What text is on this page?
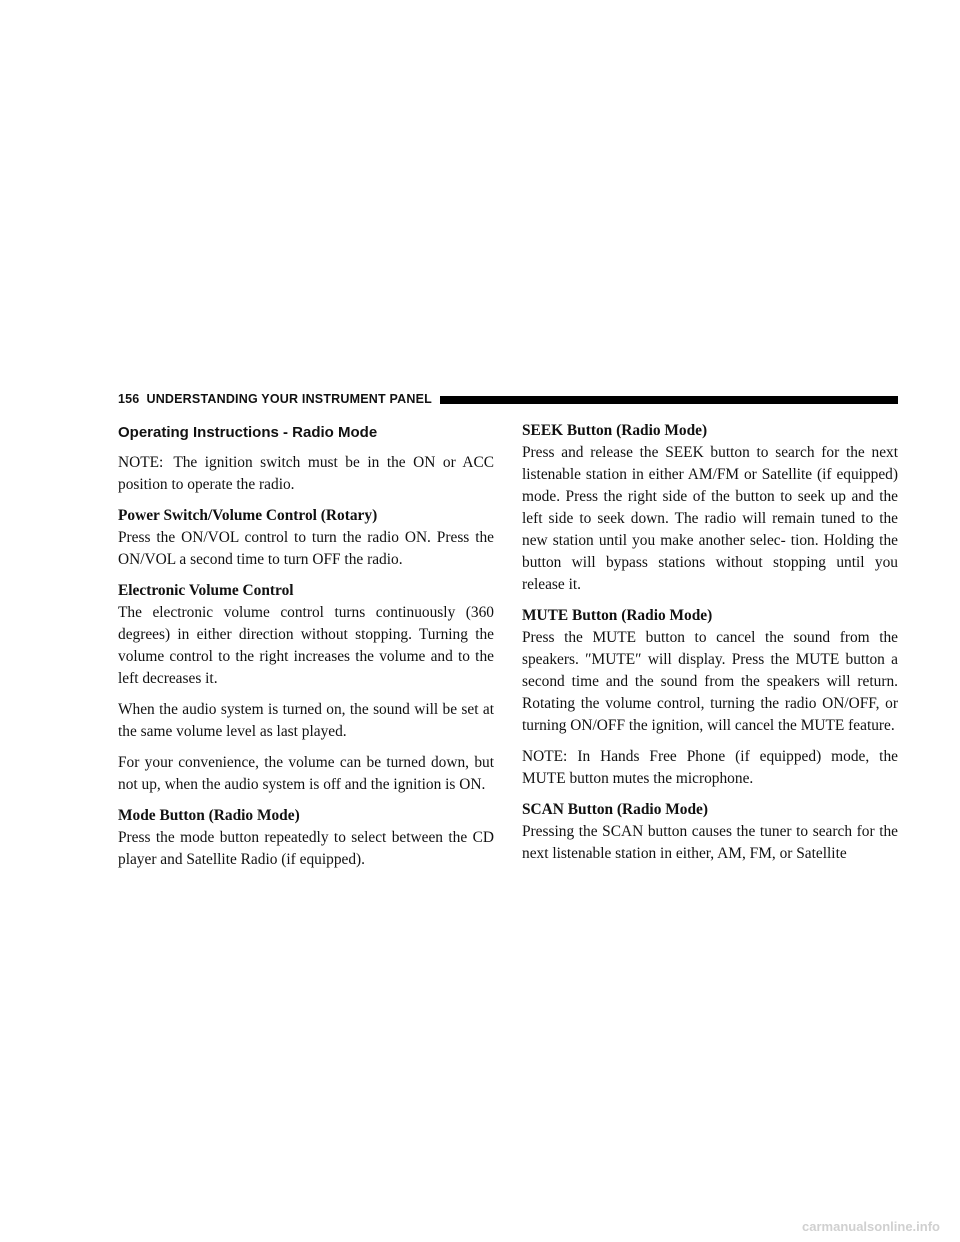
156 UNDERSTANDING YOUR INSTRUMENT PANEL
Operating Instructions - Radio Mode

NOTE: The ignition switch must be in the ON or ACC position to operate the radio.

Power Switch/Volume Control (Rotary)

Press the ON/VOL control to turn the radio ON. Press the ON/VOL a second time to turn OFF the radio.

Electronic Volume Control

The electronic volume control turns continuously (360 degrees) in either direction without stopping. Turning the volume control to the right increases the volume and to the left decreases it.

When the audio system is turned on, the sound will be set at the same volume level as last played.

For your convenience, the volume can be turned down, but not up, when the audio system is off and the ignition is ON.

Mode Button (Radio Mode)

Press the mode button repeatedly to select between the CD player and Satellite Radio (if equipped).

SEEK Button (Radio Mode)

Press and release the SEEK button to search for the next listenable station in either AM/FM or Satellite (if equipped) mode. Press the right side of the button to seek up and the left side to seek down. The radio will remain tuned to the new station until you make another selec- tion. Holding the button will bypass stations without stopping until you release it.

MUTE Button (Radio Mode)

Press the MUTE button to cancel the sound from the speakers. ″MUTE″ will display. Press the MUTE button a second time and the sound from the speakers will return. Rotating the volume control, turning the radio ON/OFF, or turning ON/OFF the ignition, will cancel the MUTE feature.

NOTE: In Hands Free Phone (if equipped) mode, the MUTE button mutes the microphone.

SCAN Button (Radio Mode)

Pressing the SCAN button causes the tuner to search for the next listenable station in either, AM, FM, or Satellite

carmanualsonline.info
